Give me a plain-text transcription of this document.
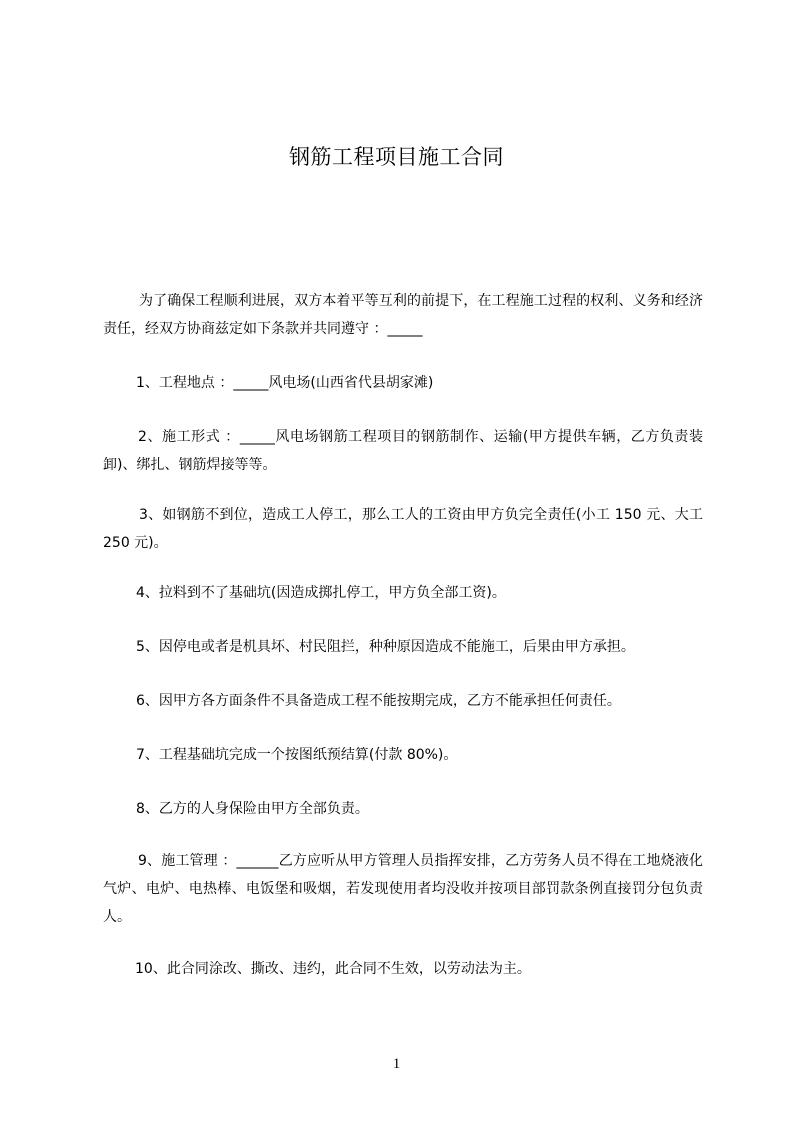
钢筋工程项目施工合同

为了确保工程顺利进展，双方本着平等互利的前提下，在工程施工过程的权利、义务和经济责任，经双方协商兹定如下条款并共同遵守 ：_____

1、工程地点 ：_____风电场(山西省代县胡家滩)

2、施工形式 ：_____风电场钢筋工程项目的钢筋制作、运输(甲方提供车辆，乙方负责装卸)、绑扎、钢筋焊接等等。

3、如钢筋不到位，造成工人停工，那么工人的工资由甲方负完全责任(小工 150 元、大工 250 元)。

4、拉料到不了基础坑(因造成掷扎停工，甲方负全部工资)。

5、因停电或者是机具坏、村民阻拦，种种原因造成不能施工，后果由甲方承担。

6、因甲方各方面条件不具备造成工程不能按期完成，乙方不能承担任何责任。

7、工程基础坑完成一个按图纸预结算(付款 80%)。

8、乙方的人身保险由甲方全部负责。

9、施工管理 ：______乙方应听从甲方管理人员指挥安排，乙方劳务人员不得在工地烧液化气炉、电炉、电热棒、电饭堡和吸烟，若发现使用者均没收并按项目部罚款条例直接罚分包负责人。

10、此合同涂改、撕改、违约，此合同不生效，以劳动法为主。

1
